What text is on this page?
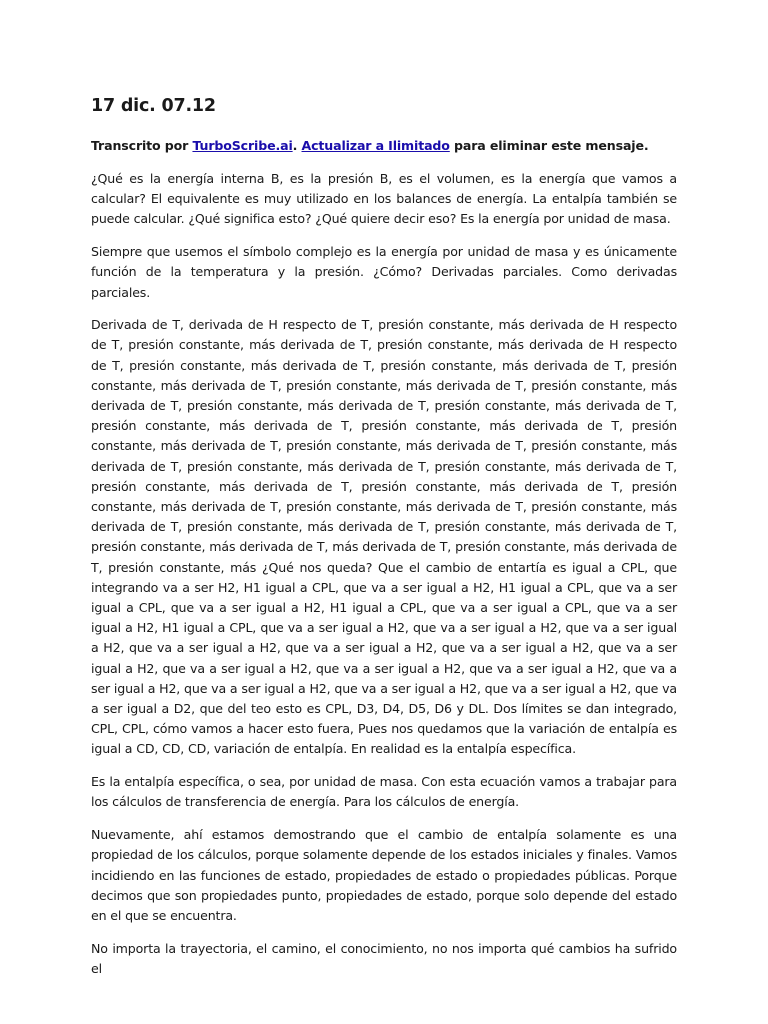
17 dic. 07.12

Transcrito por TurboScribe.ai. Actualizar a Ilimitado para eliminar este mensaje.

¿Qué es la energía interna B, es la presión B, es el volumen, es la energía que vamos a calcular? El equivalente es muy utilizado en los balances de energía. La entalpía también se puede calcular. ¿Qué significa esto? ¿Qué quiere decir eso? Es la energía por unidad de masa.

Siempre que usemos el símbolo complejo es la energía por unidad de masa y es únicamente función de la temperatura y la presión. ¿Cómo? Derivadas parciales. Como derivadas parciales.

Derivada de T, derivada de H respecto de T, presión constante, más derivada de H respecto de T, presión constante, más derivada de T, presión constante, más derivada de H respecto de T, presión constante, más derivada de T, presión constante, más derivada de T, presión constante, más derivada de T, presión constante, más derivada de T, presión constante, más derivada de T, presión constante, más derivada de T, presión constante, más derivada de T, presión constante, más derivada de T, presión constante, más derivada de T, presión constante, más derivada de T, presión constante, más derivada de T, presión constante, más derivada de T, presión constante, más derivada de T, presión constante, más derivada de T, presión constante, más derivada de T, presión constante, más derivada de T, presión constante, más derivada de T, presión constante, más derivada de T, presión constante, más derivada de T, presión constante, más derivada de T, presión constante, más derivada de T, presión constante, más derivada de T, más derivada de T, presión constante, más derivada de T, presión constante, más ¿Qué nos queda? Que el cambio de entartía es igual a CPL, que integrando va a ser H2, H1 igual a CPL, que va a ser igual a H2, H1 igual a CPL, que va a ser igual a CPL, que va a ser igual a H2, H1 igual a CPL, que va a ser igual a CPL, que va a ser igual a H2, H1 igual a CPL, que va a ser igual a H2, que va a ser igual a H2, que va a ser igual a H2, que va a ser igual a H2, que va a ser igual a H2, que va a ser igual a H2, que va a ser igual a H2, que va a ser igual a H2, que va a ser igual a H2, que va a ser igual a H2, que va a ser igual a H2, que va a ser igual a H2, que va a ser igual a H2, que va a ser igual a H2, que va a ser igual a D2, que del teo esto es CPL, D3, D4, D5, D6 y DL. Dos límites se dan integrado, CPL, CPL, cómo vamos a hacer esto fuera, Pues nos quedamos que la variación de entalpía es igual a CD, CD, CD, variación de entalpía. En realidad es la entalpía específica.

Es la entalpía específica, o sea, por unidad de masa. Con esta ecuación vamos a trabajar para los cálculos de transferencia de energía. Para los cálculos de energía.

Nuevamente, ahí estamos demostrando que el cambio de entalpía solamente es una propiedad de los cálculos, porque solamente depende de los estados iniciales y finales. Vamos incidiendo en las funciones de estado, propiedades de estado o propiedades públicas. Porque decimos que son propiedades punto, propiedades de estado, porque solo depende del estado en el que se encuentra.

No importa la trayectoria, el camino, el conocimiento, no nos importa qué cambios ha sufrido el
